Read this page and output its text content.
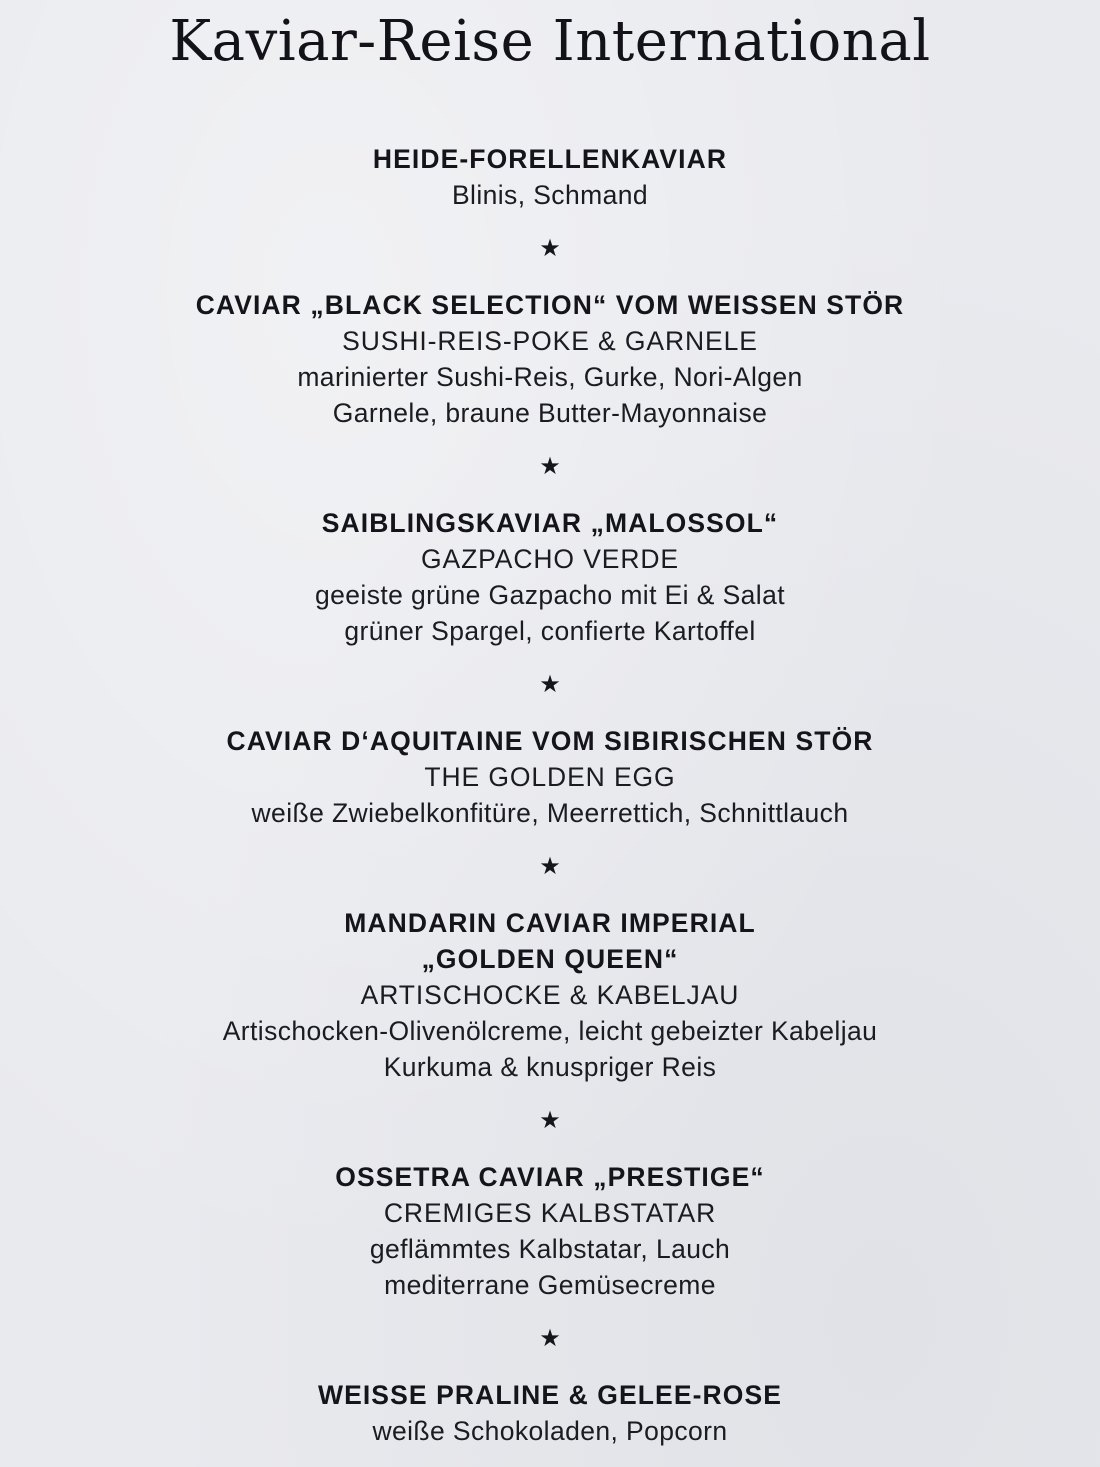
Kaviar-Reise International

HEIDE-FORELLENKAVIAR

Blinis, Schmand

★

CAVIAR „BLACK SELECTION“ VOM WEISSEN STÖR

SUSHI-REIS-POKE & GARNELE

marinierter Sushi-Reis, Gurke, Nori-Algen

Garnele, braune Butter-Mayonnaise

★

SAIBLINGSKAVIAR „MALOSSOL“

GAZPACHO VERDE

geeiste grüne Gazpacho mit Ei & Salat

grüner Spargel, confierte Kartoffel

★

CAVIAR D‘AQUITAINE VOM SIBIRISCHEN STÖR

THE GOLDEN EGG

weiße Zwiebelkonfitüre, Meerrettich, Schnittlauch

★

MANDARIN CAVIAR IMPERIAL

„GOLDEN QUEEN“

ARTISCHOCKE & KABELJAU

Artischocken-Olivenölcreme, leicht gebeizter Kabeljau

Kurkuma & knuspriger Reis

★

OSSETRA CAVIAR „PRESTIGE“

CREMIGES KALBSTATAR

geflämmtes Kalbstatar, Lauch

mediterrane Gemüsecreme

★

WEISSE PRALINE & GELEE-ROSE

weiße Schokoladen, Popcorn
